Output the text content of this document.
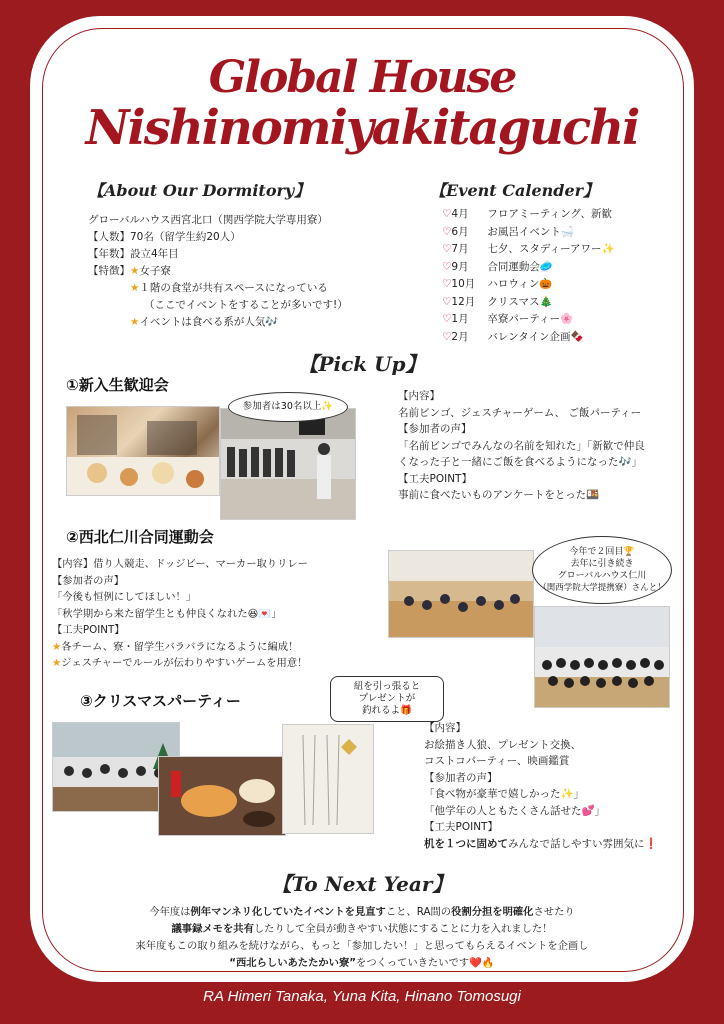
Global House
Nishinomiyakitaguchi
【About Our Dormitory】
グローバルハウス西宮北口（関西学院大学専用寮）
【人数】70名（留学生約20人）
【年数】設立4年目
【特徴】★女子寮
★１階の食堂が共有スペースになっている
（ここでイベントをすることが多いです!）
★イベントは食べる系が人気🎶
【Event Calender】
♡4月 フロアミーティング、新歓
♡6月 お風呂イベント🛁
♡7月 七夕、スタディーアワー✨
♡9月 合同運動会🥏
♡10月 ハロウィン🎃
♡12月 クリスマス🎄
♡1月 卒寮パーティー🌸
♡2月 バレンタイン企画🍫
【Pick Up】
①新入生歓迎会
参加者は30名以上✨
【内容】
名前ビンゴ、ジェスチャーゲーム、 ご飯パーティー
【参加者の声】
「名前ビンゴでみんなの名前を知れた」「新歓で仲良
くなった子と一緒にご飯を食べるようになった🎶」
【工夫POINT】
事前に食べたいものアンケートをとった🍱
②西北仁川合同運動会
【内容】借り人競走、ドッジビー、マーカー取りリレー
【参加者の声】
「今後も恒例にしてほしい！」
「秋学期から来た留学生とも仲良くなれた😆💌」
【工夫POINT】
★各チーム、寮・留学生バラバラになるように編成！
★ジェスチャーでルールが伝わりやすいゲームを用意！
今年で２回目🏆
去年に引き続き
グローバルハウス仁川
（関西学院大学提携寮）さんと！
③クリスマスパーティー
紐を引っ張ると
プレゼントが
釣れるよ🎁
【内容】
お絵描き人狼、プレゼント交換、
コストコパーティー、映画鑑賞
【参加者の声】
「食べ物が豪華で嬉しかった✨」
「他学年の人ともたくさん話せた💕」
【工夫POINT】
机を１つに固めてみんなで話しやすい雰囲気に❗
【To Next Year】
今年度は例年マンネリ化していたイベントを見直すこと、RA間の役割分担を明確化させたり
議事録メモを共有したりして全員が動きやすい状態にすることに力を入れました！
来年度もこの取り組みを続けながら、もっと「参加したい！」と思ってもらえるイベントを企画し
“西北らしいあたたかい寮”をつくっていきたいです❤️🔥
RA Himeri Tanaka, Yuna Kita, Hinano Tomosugi
